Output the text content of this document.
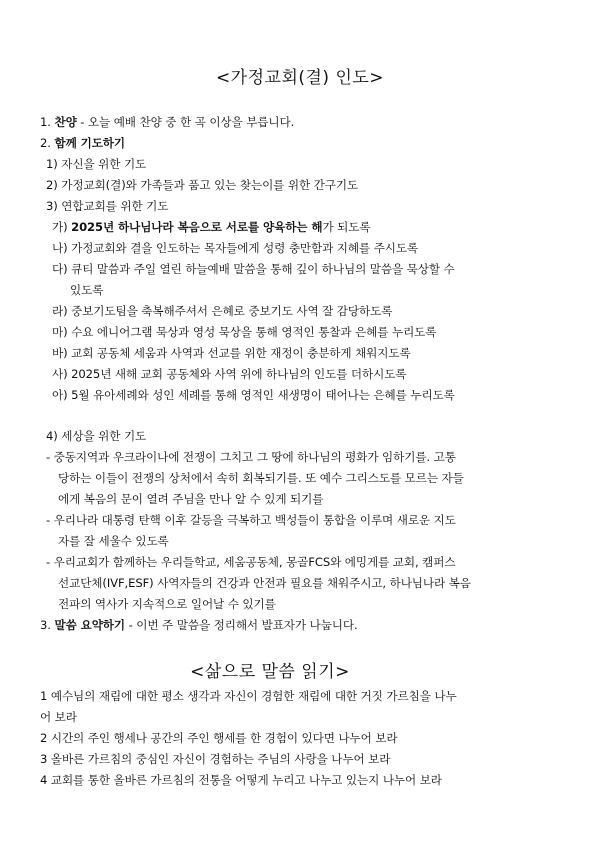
<가정교회(결) 인도>
1. 찬양 - 오늘 예배 찬양 중 한 곡 이상을 부릅니다.
2. 함께 기도하기
1) 자신을 위한 기도
2) 가정교회(결)와 가족들과 품고 있는 찾는이를 위한 간구기도
3) 연합교회를 위한 기도
가) 2025년 하나님나라 복음으로 서로를 양육하는 해가 되도록
나) 가정교회와 결을 인도하는 목자들에게 성령 충만함과 지혜를 주시도록
다) 큐티 말씀과 주일 열린 하늘예배 말씀을 통해 깊이 하나님의 말씀을 묵상할 수
있도록
라) 중보기도팀을 축복해주셔서 은혜로 중보기도 사역 잘 감당하도록
마) 수요 에니어그램 묵상과 영성 묵상을 통해 영적인 통찰과 은혜를 누리도록
바) 교회 공동체 세움과 사역과 선교를 위한 재정이 충분하게 채워지도록
사) 2025년 새해 교회 공동체와 사역 위에 하나님의 인도를 더하시도록
아) 5월 유아세례와 성인 세례를 통해 영적인 새생명이 태어나는 은혜를 누리도록
4) 세상을 위한 기도
- 중동지역과 우크라이나에 전쟁이 그치고 그 땅에 하나님의 평화가 임하기를. 고통
당하는 이들이 전쟁의 상처에서 속히 회복되기를. 또 예수 그리스도를 모르는 자들
에게 복음의 문이 열려 주님을 만나 알 수 있게 되기를
- 우리나라 대통령 탄핵 이후 갈등을 극복하고 백성들이 통합을 이루며 새로운 지도
자를 잘 세울수 있도록
- 우리교회가 함께하는 우리들학교, 세움공동체, 몽골FCS와 에밍게를 교회, 캠퍼스
선교단체(IVF,ESF) 사역자들의 건강과 안전과 필요를 채워주시고, 하나님나라 복음
전파의 역사가 지속적으로 일어날 수 있기를
3. 말씀 요약하기 - 이번 주 말씀을 정리해서 발표자가 나눕니다.
<삶으로 말씀 읽기>
1 예수님의 재림에 대한 평소 생각과 자신이 경험한 재림에 대한 거짓 가르침을 나누
어 보라
2 시간의 주인 행세나 공간의 주인 행세를 한 경험이 있다면 나누어 보라
3 올바른 가르침의 중심인 자신이 경험하는 주님의 사랑을 나누어 보라
4 교회를 통한 올바른 가르침의 전통을 어떻게 누리고 나누고 있는지 나누어 보라
